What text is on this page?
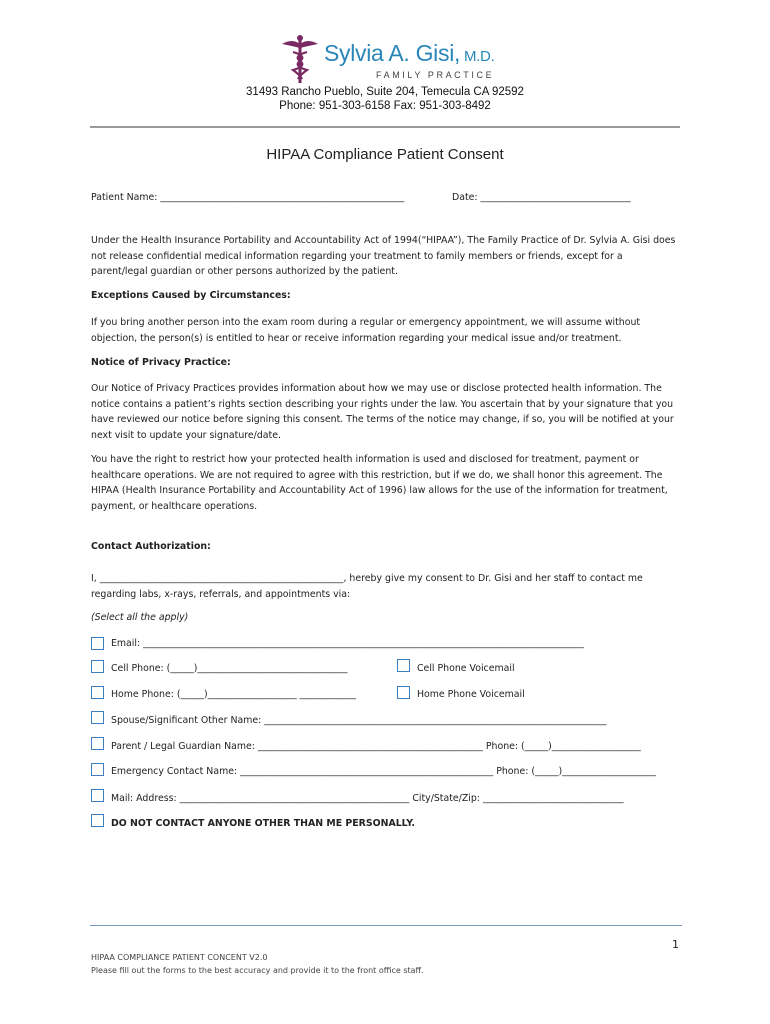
Sylvia A. Gisi, M.D.
FAMILY PRACTICE
31493 Rancho Pueblo, Suite 204, Temecula CA 92592
Phone: 951-303-6158 Fax: 951-303-8492
HIPAA Compliance Patient Consent
Patient Name: ____________________________________________________	Date: ________________________________
Under the Health Insurance Portability and Accountability Act of 1994(“HIPAA”), The Family Practice of Dr. Sylvia A. Gisi does not release confidential medical information regarding your treatment to family members or friends, except for a parent/legal guardian or other persons authorized by the patient.
Exceptions Caused by Circumstances:
If you bring another person into the exam room during a regular or emergency appointment, we will assume without objection, the person(s) is entitled to hear or receive information regarding your medical issue and/or treatment.
Notice of Privacy Practice:
Our Notice of Privacy Practices provides information about how we may use or disclose protected health information. The notice contains a patient’s rights section describing your rights under the law. You ascertain that by your signature that you have reviewed our notice before signing this consent. The terms of the notice may change, if so, you will be notified at your next visit to update your signature/date.
You have the right to restrict how your protected health information is used and disclosed for treatment, payment or healthcare operations. We are not required to agree with this restriction, but if we do, we shall honor this agreement. The HIPAA (Health Insurance Portability and Accountability Act of 1996) law allows for the use of the information for treatment, payment, or healthcare operations.
Contact Authorization:
I, ____________________________________________________, hereby give my consent to Dr. Gisi and her staff to contact me regarding labs, x-rays, referrals, and appointments via:
(Select all the apply)
Email: ______________________________________________________________________________________________
Cell Phone: (_____)________________________________	Cell Phone Voicemail
Home Phone: (_____)___________________ ____________	Home Phone Voicemail
Spouse/Significant Other Name: _________________________________________________________________________
Parent / Legal Guardian Name: ________________________________________________ Phone: (_____)___________________
Emergency Contact Name: ______________________________________________________ Phone: (_____)____________________
Mail: Address: _________________________________________________ City/State/Zip: ______________________________
DO NOT CONTACT ANYONE OTHER THAN ME PERSONALLY.
1
HIPAA COMPLIANCE PATIENT CONCENT V2.0
Please fill out the forms to the best accuracy and provide it to the front office staff.
